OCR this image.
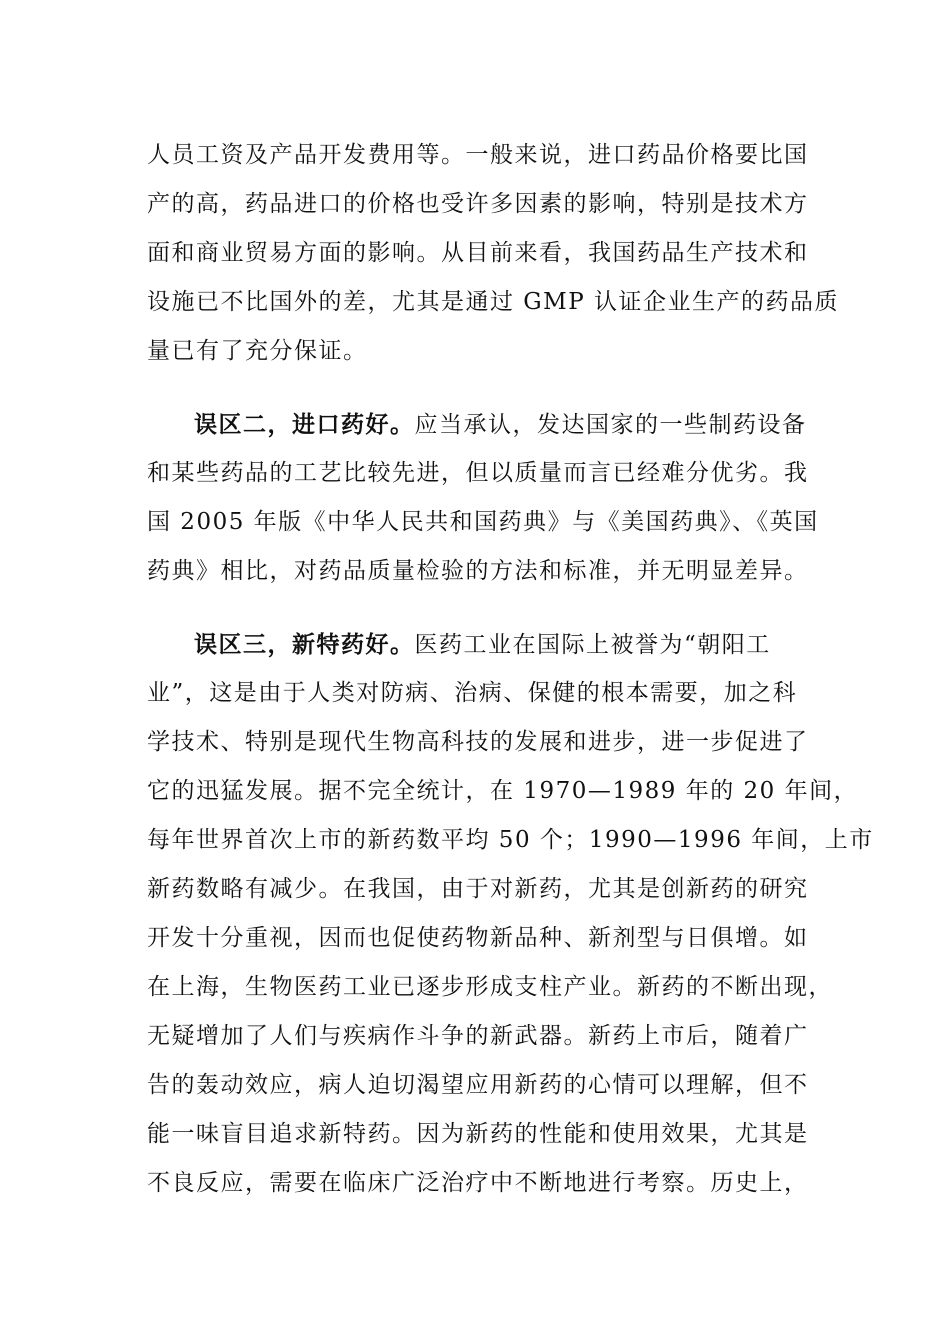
人员工资及产品开发费用等。一般来说，进口药品价格要比国
产的高，药品进口的价格也受许多因素的影响，特别是技术方
面和商业贸易方面的影响。从目前来看，我国药品生产技术和
设施已不比国外的差，尤其是通过 GMP 认证企业生产的药品质
量已有了充分保证。
误区二，进口药好。应当承认，发达国家的一些制药设备
和某些药品的工艺比较先进，但以质量而言已经难分优劣。我
国 2005 年版《中华人民共和国药典》与《美国药典》、《英国
药典》相比，对药品质量检验的方法和标准，并无明显差异。
误区三，新特药好。医药工业在国际上被誉为“朝阳工
业”，这是由于人类对防病、治病、保健的根本需要，加之科
学技术、特别是现代生物高科技的发展和进步，进一步促进了
它的迅猛发展。据不完全统计，在 1970—1989 年的 20 年间，
每年世界首次上市的新药数平均 50 个；1990—1996 年间，上市
新药数略有减少。在我国，由于对新药，尤其是创新药的研究
开发十分重视，因而也促使药物新品种、新剂型与日俱增。如
在上海，生物医药工业已逐步形成支柱产业。新药的不断出现，
无疑增加了人们与疾病作斗争的新武器。新药上市后，随着广
告的轰动效应，病人迫切渴望应用新药的心情可以理解，但不
能一味盲目追求新特药。因为新药的性能和使用效果，尤其是
不良反应，需要在临床广泛治疗中不断地进行考察。历史上，
